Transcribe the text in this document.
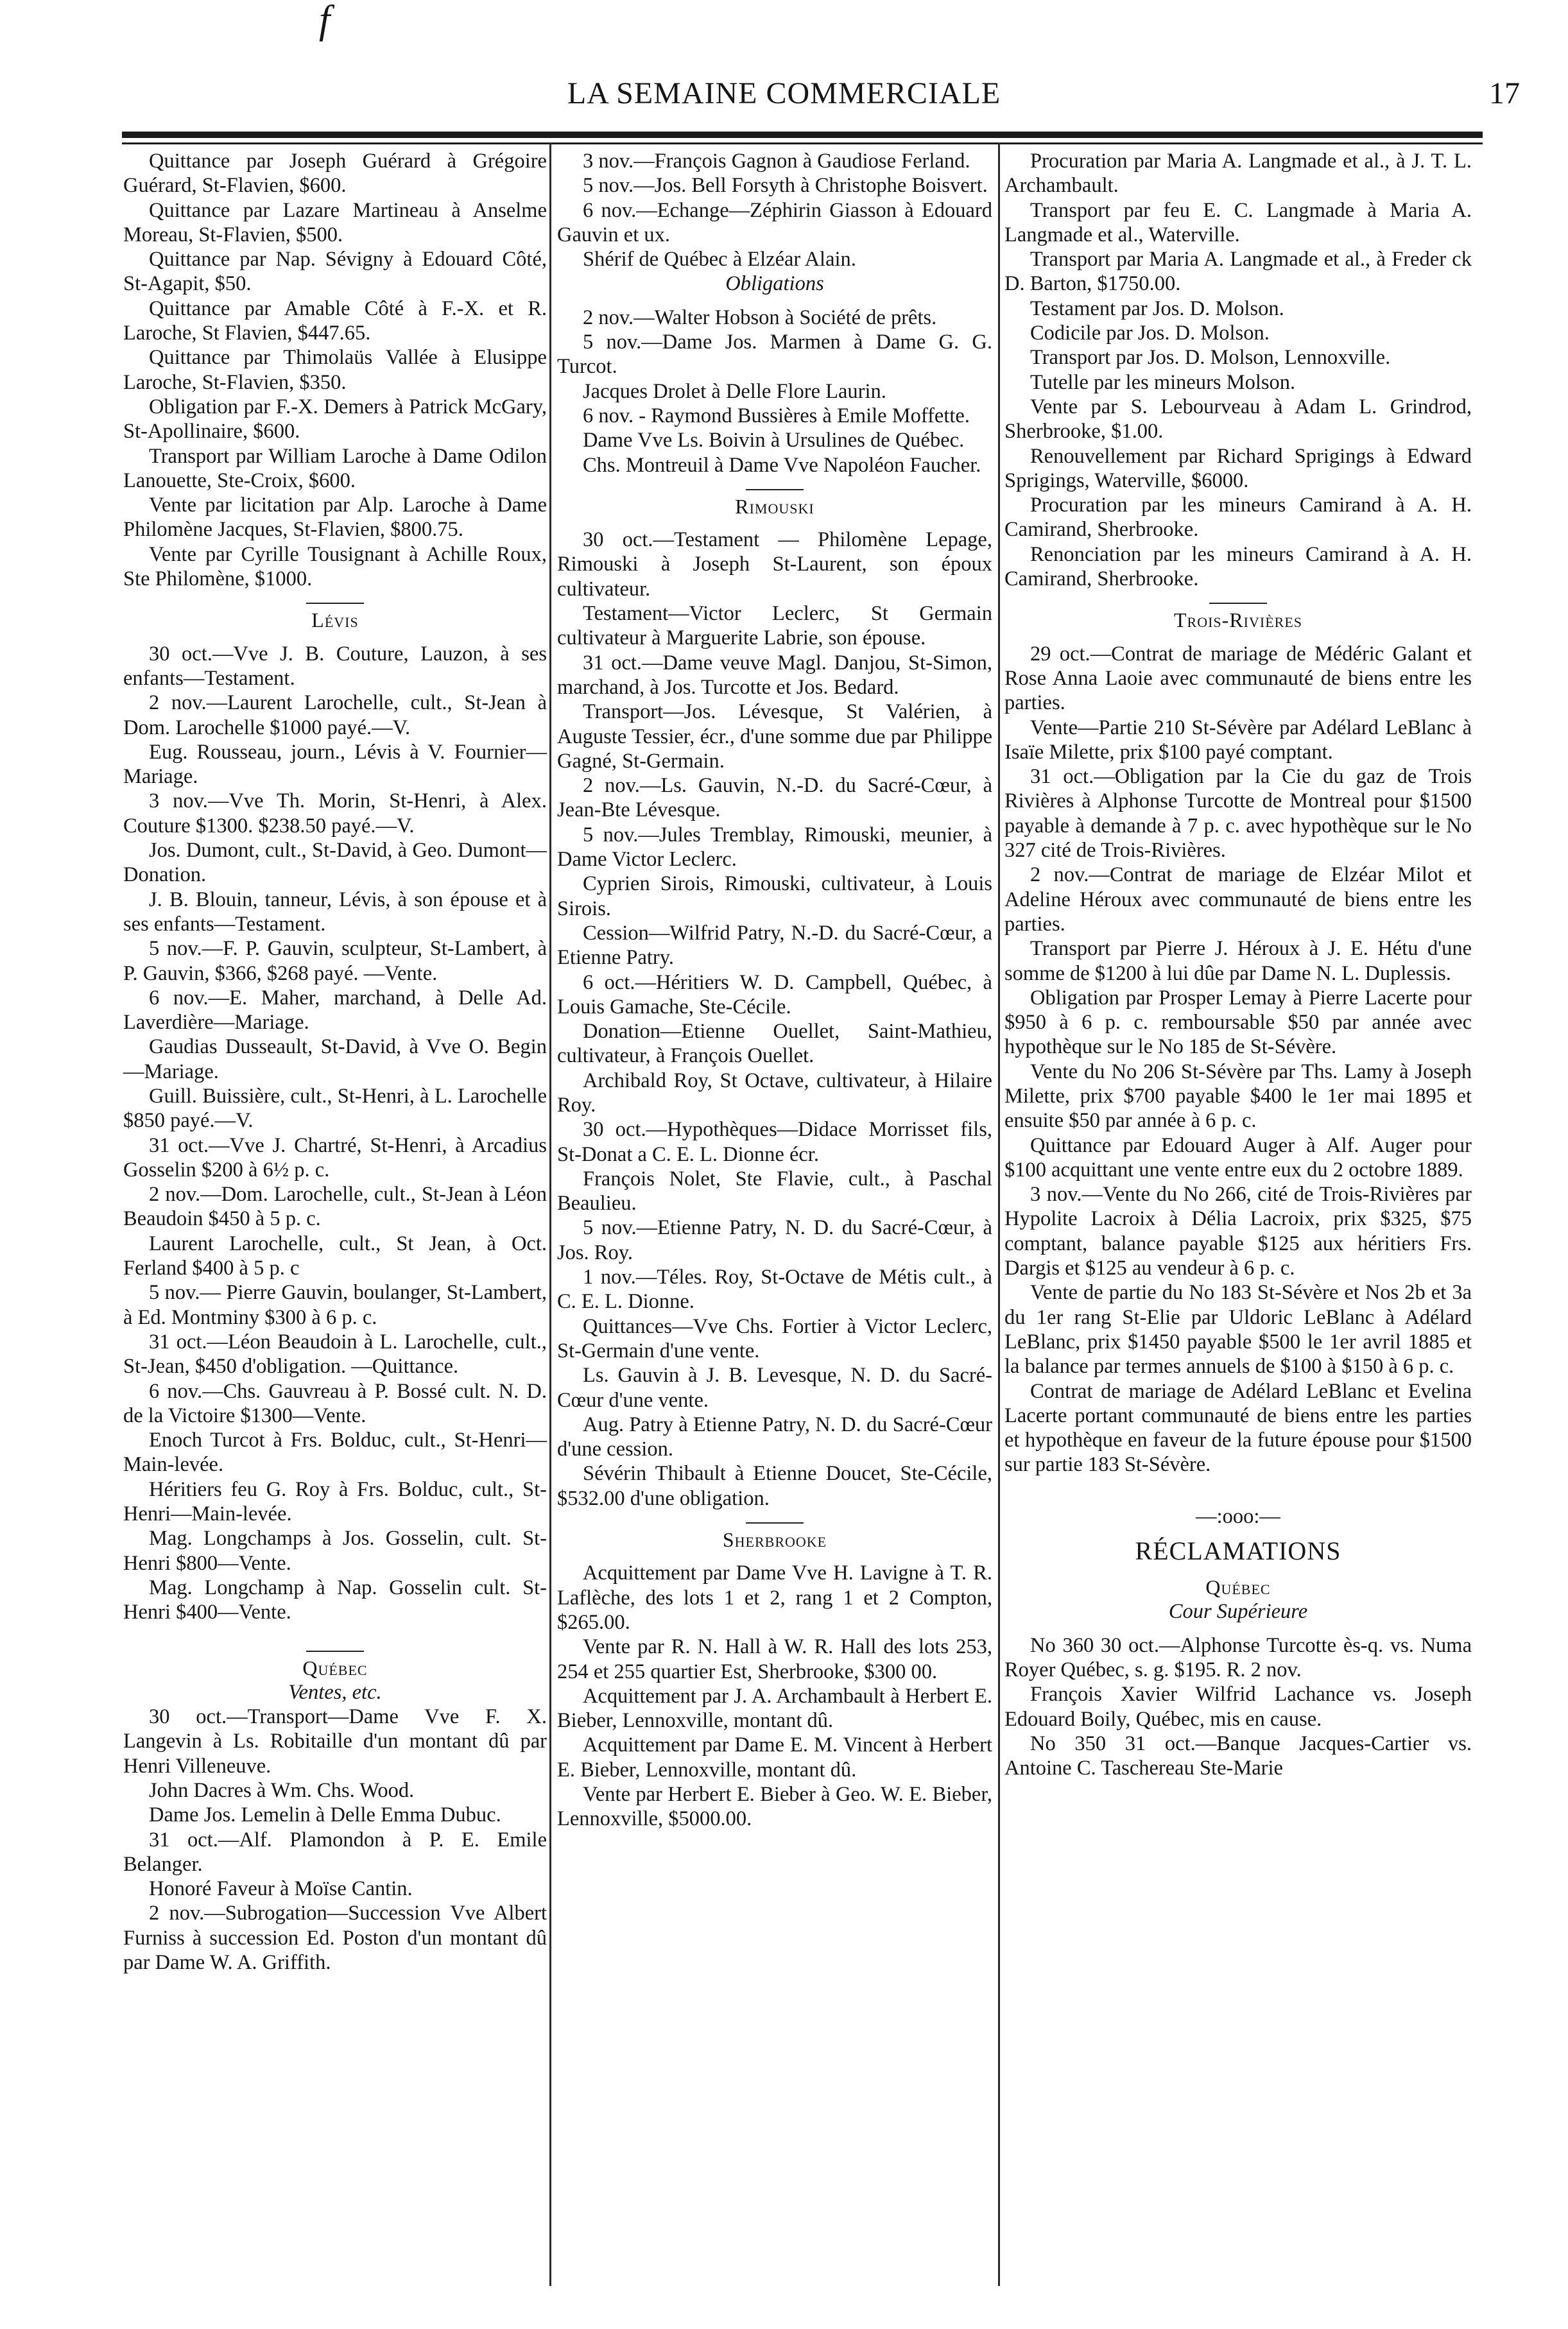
f
LA SEMAINE COMMERCIALE	17

Quittance par Joseph Guérard à Grégoire Guérard, St-Flavien, $600.

Quittance par Lazare Martineau à Anselme Moreau, St-Flavien, $500.

Quittance par Nap. Sévigny à Edouard Côté, St-Agapit, $50.

Quittance par Amable Côté à F.-X. et R. Laroche, St Flavien, $447.65.

Quittance par Thimolaüs Vallée à Elusippe Laroche, St-Flavien, $350.

Obligation par F.-X. Demers à Patrick McGary, St-Apollinaire, $600.

Transport par William Laroche à Dame Odilon Lanouette, Ste-Croix, $600.

Vente par licitation par Alp. Laroche à Dame Philomène Jacques, St-Flavien, $800.75.

Vente par Cyrille Tousignant à Achille Roux, Ste Philomène, $1000.

Lévis

30 oct.—Vve J. B. Couture, Lauzon, à ses enfants—Testament.

2 nov.—Laurent Larochelle, cult., St-Jean à Dom. Larochelle $1000 payé.—V.

Eug. Rousseau, journ., Lévis à V. Fournier—Mariage.

3 nov.—Vve Th. Morin, St-Henri, à Alex. Couture $1300. $238.50 payé.—V.

Jos. Dumont, cult., St-David, à Geo. Dumont—Donation.

J. B. Blouin, tanneur, Lévis, à son épouse et à ses enfants—Testament.

5 nov.—F. P. Gauvin, sculpteur, St-Lambert, à P. Gauvin, $366, $268 payé. —Vente.

6 nov.—E. Maher, marchand, à Delle Ad. Laverdière—Mariage.

Gaudias Dusseault, St-David, à Vve O. Begin—Mariage.

Guill. Buissière, cult., St-Henri, à L. Larochelle $850 payé.—V.

31 oct.—Vve J. Chartré, St-Henri, à Arcadius Gosselin $200 à 6½ p. c.

2 nov.—Dom. Larochelle, cult., St-Jean à Léon Beaudoin $450 à 5 p. c.

Laurent Larochelle, cult., St Jean, à Oct. Ferland $400 à 5 p. c

5 nov.— Pierre Gauvin, boulanger, St-Lambert, à Ed. Montminy $300 à 6 p. c.

31 oct.—Léon Beaudoin à L. Larochelle, cult., St-Jean, $450 d'obligation. —Quittance.

6 nov.—Chs. Gauvreau à P. Bossé cult. N. D. de la Victoire $1300—Vente.

Enoch Turcot à Frs. Bolduc, cult., St-Henri—Main-levée.

Héritiers feu G. Roy à Frs. Bolduc, cult., St-Henri—Main-levée.

Mag. Longchamps à Jos. Gosselin, cult. St-Henri $800—Vente.

Mag. Longchamp à Nap. Gosselin cult. St-Henri $400—Vente.

Québec
Ventes, etc.

30 oct.—Transport—Dame Vve F. X. Langevin à Ls. Robitaille d'un montant dû par Henri Villeneuve.

John Dacres à Wm. Chs. Wood.

Dame Jos. Lemelin à Delle Emma Dubuc.

31 oct.—Alf. Plamondon à P. E. Emile Belanger.

Honoré Faveur à Moïse Cantin.

2 nov.—Subrogation—Succession Vve Albert Furniss à succession Ed. Poston d'un montant dû par Dame W. A. Griffith.

3 nov.—François Gagnon à Gaudiose Ferland.

5 nov.—Jos. Bell Forsyth à Christophe Boisvert.

6 nov.—Echange—Zéphirin Giasson à Edouard Gauvin et ux.

Shérif de Québec à Elzéar Alain.

Obligations

2 nov.—Walter Hobson à Société de prêts.

5 nov.—Dame Jos. Marmen à Dame G. G. Turcot.

Jacques Drolet à Delle Flore Laurin.

6 nov. - Raymond Bussières à Emile Moffette.

Dame Vve Ls. Boivin à Ursulines de Québec.

Chs. Montreuil à Dame Vve Napoléon Faucher.

Rimouski

30 oct.—Testament — Philomène Lepage, Rimouski à Joseph St-Laurent, son époux cultivateur.

Testament—Victor Leclerc, St Germain cultivateur à Marguerite Labrie, son épouse.

31 oct.—Dame veuve Magl. Danjou, St-Simon, marchand, à Jos. Turcotte et Jos. Bedard.

Transport—Jos. Lévesque, St Valérien, à Auguste Tessier, écr., d'une somme due par Philippe Gagné, St-Germain.

2 nov.—Ls. Gauvin, N.-D. du Sacré-Cœur, à Jean-Bte Lévesque.

5 nov.—Jules Tremblay, Rimouski, meunier, à Dame Victor Leclerc.

Cyprien Sirois, Rimouski, cultivateur, à Louis Sirois.

Cession—Wilfrid Patry, N.-D. du Sacré-Cœur, a Etienne Patry.

6 oct.—Héritiers W. D. Campbell, Québec, à Louis Gamache, Ste-Cécile.

Donation—Etienne Ouellet, Saint-Mathieu, cultivateur, à François Ouellet.

Archibald Roy, St Octave, cultivateur, à Hilaire Roy.

30 oct.—Hypothèques—Didace Morrisset fils, St-Donat a C. E. L. Dionne écr.

François Nolet, Ste Flavie, cult., à Paschal Beaulieu.

5 nov.—Etienne Patry, N. D. du Sacré-Cœur, à Jos. Roy.

1 nov.—Téles. Roy, St-Octave de Métis cult., à C. E. L. Dionne.

Quittances—Vve Chs. Fortier à Victor Leclerc, St-Germain d'une vente.

Ls. Gauvin à J. B. Levesque, N. D. du Sacré-Cœur d'une vente.

Aug. Patry à Etienne Patry, N. D. du Sacré-Cœur d'une cession.

Sévérin Thibault à Etienne Doucet, Ste-Cécile, $532.00 d'une obligation.

Sherbrooke

Acquittement par Dame Vve H. Lavigne à T. R. Laflèche, des lots 1 et 2, rang 1 et 2 Compton, $265.00.

Vente par R. N. Hall à W. R. Hall des lots 253, 254 et 255 quartier Est, Sherbrooke, $300 00.

Acquittement par J. A. Archambault à Herbert E. Bieber, Lennoxville, montant dû.

Acquittement par Dame E. M. Vincent à Herbert E. Bieber, Lennoxville, montant dû.

Vente par Herbert E. Bieber à Geo. W. E. Bieber, Lennoxville, $5000.00.

Procuration par Maria A. Langmade et al., à J. T. L. Archambault.

Transport par feu E. C. Langmade à Maria A. Langmade et al., Waterville.

Transport par Maria A. Langmade et al., à Freder ck D. Barton, $1750.00.

Testament par Jos. D. Molson.

Codicile par Jos. D. Molson.

Transport par Jos. D. Molson, Lennoxville.

Tutelle par les mineurs Molson.

Vente par S. Lebourveau à Adam L. Grindrod, Sherbrooke, $1.00.

Renouvellement par Richard Sprigings à Edward Sprigings, Waterville, $6000.

Procuration par les mineurs Camirand à A. H. Camirand, Sherbrooke.

Renonciation par les mineurs Camirand à A. H. Camirand, Sherbrooke.

Trois-Rivières

29 oct.—Contrat de mariage de Médéric Galant et Rose Anna Laoie avec communauté de biens entre les parties.

Vente—Partie 210 St-Sévère par Adélard LeBlanc à Isaïe Milette, prix $100 payé comptant.

31 oct.—Obligation par la Cie du gaz de Trois Rivières à Alphonse Turcotte de Montreal pour $1500 payable à demande à 7 p. c. avec hypothèque sur le No 327 cité de Trois-Rivières.

2 nov.—Contrat de mariage de Elzéar Milot et Adeline Héroux avec communauté de biens entre les parties.

Transport par Pierre J. Héroux à J. E. Hétu d'une somme de $1200 à lui dûe par Dame N. L. Duplessis.

Obligation par Prosper Lemay à Pierre Lacerte pour $950 à 6 p. c. remboursable $50 par année avec hypothèque sur le No 185 de St-Sévère.

Vente du No 206 St-Sévère par Ths. Lamy à Joseph Milette, prix $700 payable $400 le 1er mai 1895 et ensuite $50 par année à 6 p. c.

Quittance par Edouard Auger à Alf. Auger pour $100 acquittant une vente entre eux du 2 octobre 1889.

3 nov.—Vente du No 266, cité de Trois-Rivières par Hypolite Lacroix à Délia Lacroix, prix $325, $75 comptant, balance payable $125 aux héritiers Frs. Dargis et $125 au vendeur à 6 p. c.

Vente de partie du No 183 St-Sévère et Nos 2b et 3a du 1er rang St-Elie par Uldoric LeBlanc à Adélard LeBlanc, prix $1450 payable $500 le 1er avril 1885 et la balance par termes annuels de $100 à $150 à 6 p. c.

Contrat de mariage de Adélard LeBlanc et Evelina Lacerte portant communauté de biens entre les parties et hypothèque en faveur de la future épouse pour $1500 sur partie 183 St-Sévère.

—:ooo:—
RÉCLAMATIONS
Québec
Cour Supérieure

No 360 30 oct.—Alphonse Turcotte ès-q. vs. Numa Royer Québec, s. g. $195. R. 2 nov.

François Xavier Wilfrid Lachance vs. Joseph Edouard Boily, Québec, mis en cause.

No 350 31 oct.—Banque Jacques-Cartier vs. Antoine C. Taschereau Ste-Marie
